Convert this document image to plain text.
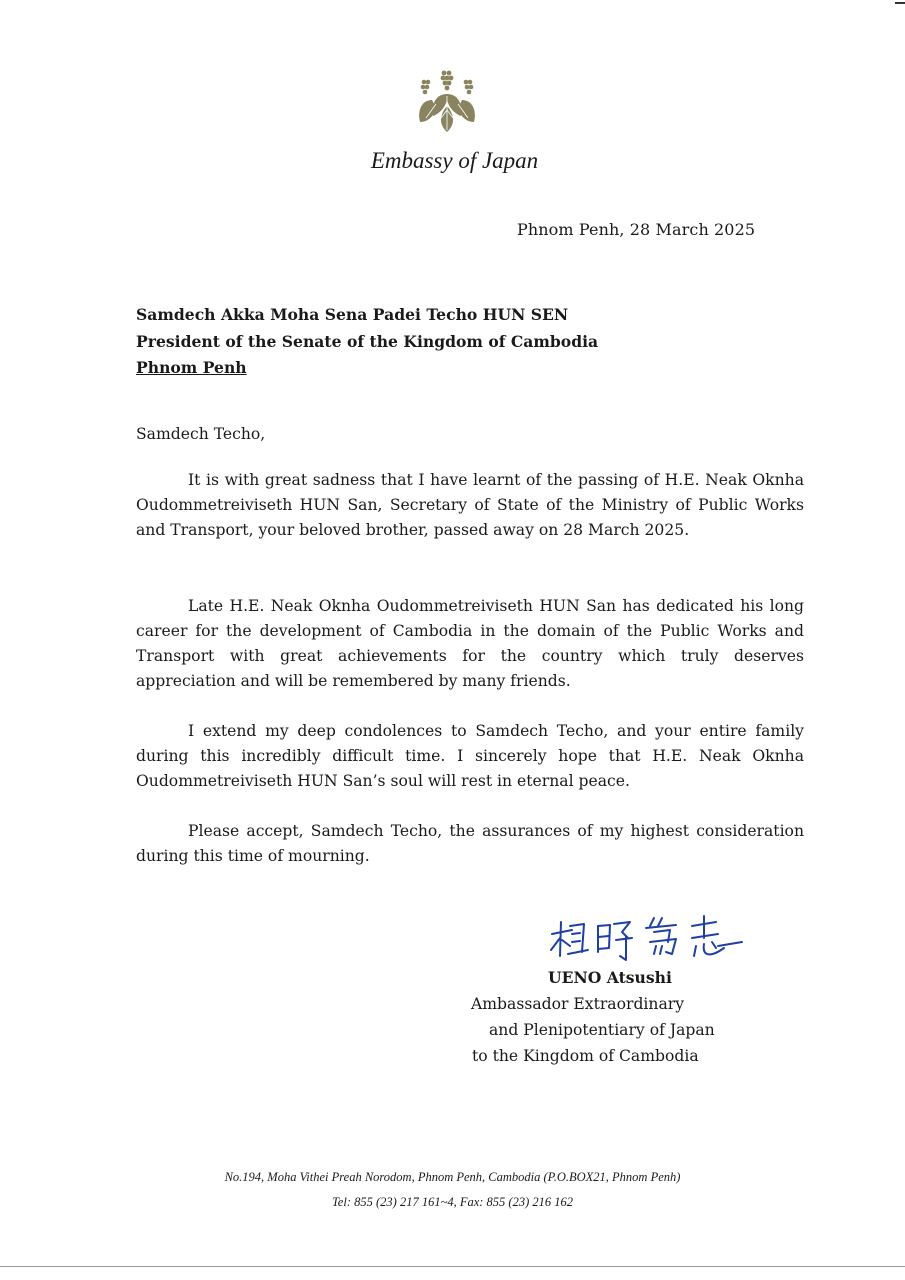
Embassy of Japan
Phnom Penh, 28 March 2025
Samdech Akka Moha Sena Padei Techo HUN SEN
President of the Senate of the Kingdom of Cambodia
Phnom Penh
Samdech Techo,

It is with great sadness that I have learnt of the passing of H.E. Neak Oknha Oudommetreiviseth HUN San, Secretary of State of the Ministry of Public Works and Transport, your beloved brother, passed away on 28 March 2025.

Late H.E. Neak Oknha Oudommetreiviseth HUN San has dedicated his long career for the development of Cambodia in the domain of the Public Works and Transport with great achievements for the country which truly deserves appreciation and will be remembered by many friends.

I extend my deep condolences to Samdech Techo, and your entire family during this incredibly difficult time. I sincerely hope that H.E. Neak Oknha Oudommetreiviseth HUN San’s soul will rest in eternal peace.

Please accept, Samdech Techo, the assurances of my highest consideration during this time of mourning.

UENO Atsushi
Ambassador Extraordinary
and Plenipotentiary of Japan
to the Kingdom of Cambodia
No.194, Moha Vithei Preah Norodom, Phnom Penh, Cambodia (P.O.BOX21, Phnom Penh)
Tel: 855 (23) 217 161~4, Fax: 855 (23) 216 162
